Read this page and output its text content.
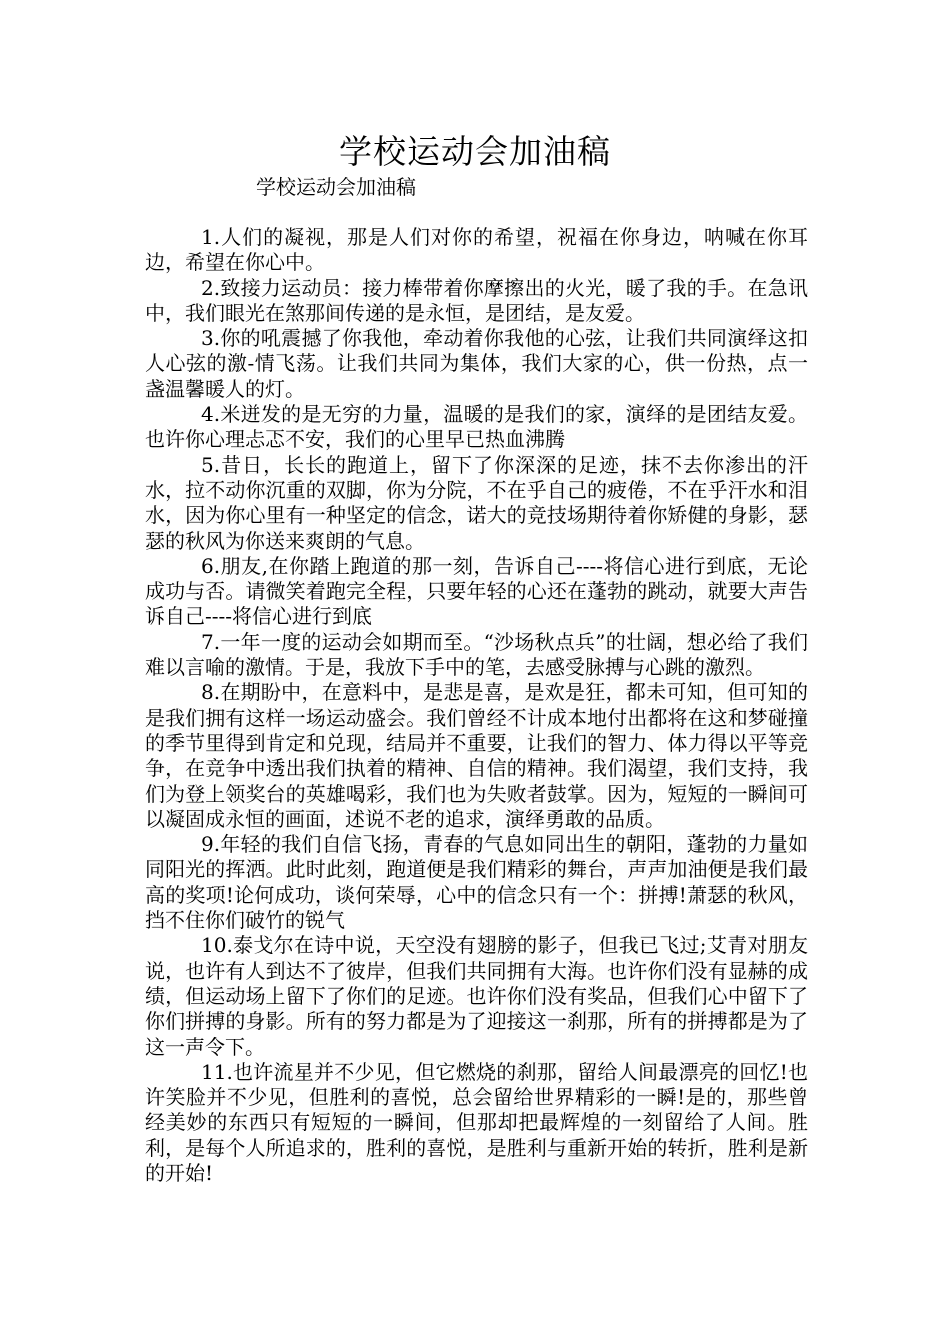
学校运动会加油稿

学校运动会加油稿

1.人们的凝视，那是人们对你的希望，祝福在你身边，呐喊在你耳边，希望在你心中。

2.致接力运动员：接力棒带着你摩擦出的火光，暖了我的手。在急讯中，我们眼光在煞那间传递的是永恒，是团结，是友爱。

3.你的吼震撼了你我他，牵动着你我他的心弦，让我们共同演绎这扣人心弦的激-情飞荡。让我们共同为集体，我们大家的心，供一份热，点一盏温馨暖人的灯。

4.米迸发的是无穷的力量，温暖的是我们的家，演绎的是团结友爱。也许你心理忐忑不安，我们的心里早已热血沸腾

5.昔日，长长的跑道上，留下了你深深的足迹，抹不去你渗出的汗水，拉不动你沉重的双脚，你为分院，不在乎自己的疲倦，不在乎汗水和泪水，因为你心里有一种坚定的信念，诺大的竞技场期待着你矫健的身影，瑟瑟的秋风为你送来爽朗的气息。

6.朋友,在你踏上跑道的那一刻，告诉自己----将信心进行到底，无论成功与否。请微笑着跑完全程，只要年轻的心还在蓬勃的跳动，就要大声告诉自己----将信心进行到底

7.一年一度的运动会如期而至。“沙场秋点兵”的壮阔，想必给了我们难以言喻的激情。于是，我放下手中的笔，去感受脉搏与心跳的激烈。

8.在期盼中，在意料中，是悲是喜，是欢是狂，都未可知，但可知的是我们拥有这样一场运动盛会。我们曾经不计成本地付出都将在这和梦碰撞的季节里得到肯定和兑现，结局并不重要，让我们的智力、体力得以平等竞争，在竞争中透出我们执着的精神、自信的精神。我们渴望，我们支持，我们为登上领奖台的英雄喝彩，我们也为失败者鼓掌。因为，短短的一瞬间可以凝固成永恒的画面，述说不老的追求，演绎勇敢的品质。

9.年轻的我们自信飞扬，青春的气息如同出生的朝阳，蓬勃的力量如同阳光的挥洒。此时此刻，跑道便是我们精彩的舞台，声声加油便是我们最高的奖项!论何成功，谈何荣辱，心中的信念只有一个：拼搏!萧瑟的秋风，挡不住你们破竹的锐气

10.泰戈尔在诗中说，天空没有翅膀的影子，但我已飞过;艾青对朋友说，也许有人到达不了彼岸，但我们共同拥有大海。也许你们没有显赫的成绩，但运动场上留下了你们的足迹。也许你们没有奖品，但我们心中留下了你们拼搏的身影。所有的努力都是为了迎接这一刹那，所有的拼搏都是为了这一声令下。

11.也许流星并不少见，但它燃烧的刹那，留给人间最漂亮的回忆!也许笑脸并不少见，但胜利的喜悦，总会留给世界精彩的一瞬!是的，那些曾经美妙的东西只有短短的一瞬间，但那却把最辉煌的一刻留给了人间。胜利，是每个人所追求的，胜利的喜悦，是胜利与重新开始的转折，胜利是新的开始!
